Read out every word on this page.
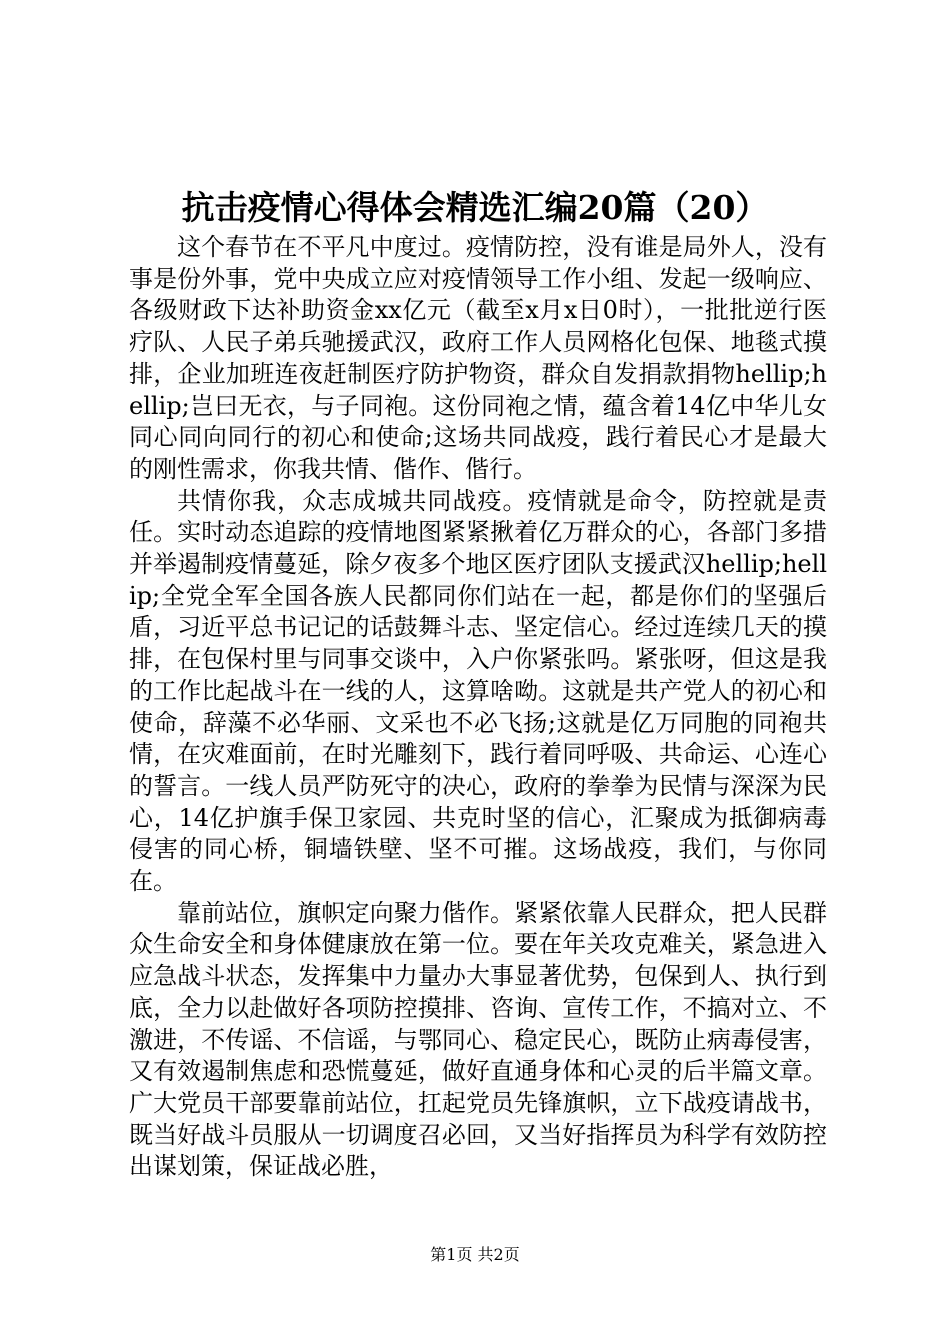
抗击疫情心得体会精选汇编20篇（20）

这个春节在不平凡中度过。疫情防控，没有谁是局外人，没有事是份外事，党中央成立应对疫情领导工作小组、发起一级响应、各级财政下达补助资金xx亿元（截至x月x日0时），一批批逆行医疗队、人民子弟兵驰援武汉，政府工作人员网格化包保、地毯式摸排，企业加班连夜赶制医疗防护物资，群众自发捐款捐物hellip;hellip;岂曰无衣，与子同袍。这份同袍之情，蕴含着14亿中华儿女同心同向同行的初心和使命;这场共同战疫，践行着民心才是最大的刚性需求，你我共情、偕作、偕行。

共情你我，众志成城共同战疫。疫情就是命令，防控就是责任。实时动态追踪的疫情地图紧紧揪着亿万群众的心，各部门多措并举遏制疫情蔓延，除夕夜多个地区医疗团队支援武汉hellip;hellip;全党全军全国各族人民都同你们站在一起，都是你们的坚强后盾，习近平总书记记的话鼓舞斗志、坚定信心。经过连续几天的摸排，在包保村里与同事交谈中，入户你紧张吗。紧张呀，但这是我的工作比起战斗在一线的人，这算啥呦。这就是共产党人的初心和使命，辞藻不必华丽、文采也不必飞扬;这就是亿万同胞的同袍共情，在灾难面前，在时光雕刻下，践行着同呼吸、共命运、心连心的誓言。一线人员严防死守的决心，政府的拳拳为民情与深深为民心，14亿护旗手保卫家园、共克时坚的信心，汇聚成为抵御病毒侵害的同心桥，铜墙铁壁、坚不可摧。这场战疫，我们，与你同在。

靠前站位，旗帜定向聚力偕作。紧紧依靠人民群众，把人民群众生命安全和身体健康放在第一位。要在年关攻克难关，紧急进入应急战斗状态，发挥集中力量办大事显著优势，包保到人、执行到底，全力以赴做好各项防控摸排、咨询、宣传工作，不搞对立、不激进，不传谣、不信谣，与鄂同心、稳定民心，既防止病毒侵害，又有效遏制焦虑和恐慌蔓延，做好直通身体和心灵的后半篇文章。广大党员干部要靠前站位，扛起党员先锋旗帜，立下战疫请战书，既当好战斗员服从一切调度召必回，又当好指挥员为科学有效防控出谋划策，保证战必胜，

第1页 共2页
